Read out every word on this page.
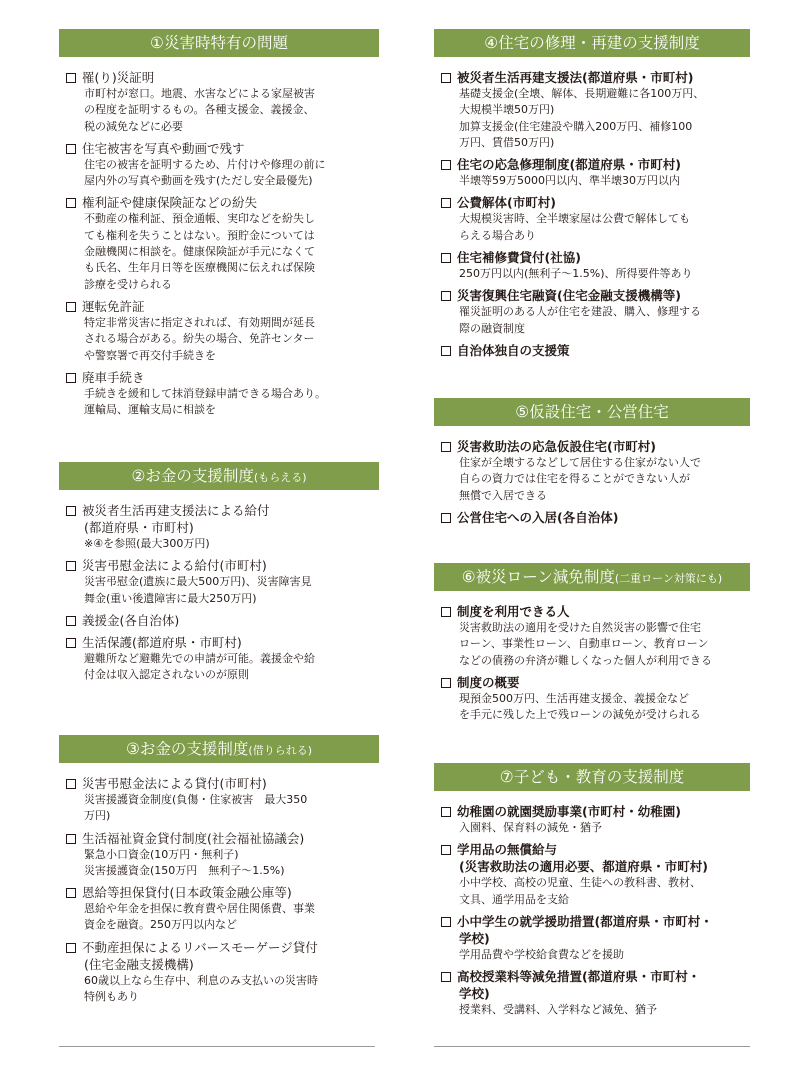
①災害時特有の問題
罹(り)災証明
市町村が窓口。地震、水害などによる家屋被害
の程度を証明するもの。各種支援金、義援金、
税の減免などに必要
住宅被害を写真や動画で残す
住宅の被害を証明するため、片付けや修理の前に
屋内外の写真や動画を残す(ただし安全最優先)
権利証や健康保険証などの紛失
不動産の権利証、預金通帳、実印などを紛失し
ても権利を失うことはない。預貯金については
金融機関に相談を。健康保険証が手元になくて
も氏名、生年月日等を医療機関に伝えれば保険
診療を受けられる
運転免許証
特定非常災害に指定されれば、有効期間が延長
される場合がある。紛失の場合、免許センター
や警察署で再交付手続きを
廃車手続き
手続きを緩和して抹消登録申請できる場合あり。
運輸局、運輸支局に相談を
②お金の支援制度(もらえる)
被災者生活再建支援法による給付
(都道府県・市町村)
※④を参照(最大300万円)
災害弔慰金法による給付(市町村)
災害弔慰金(遺族に最大500万円)、災害障害見
舞金(重い後遺障害に最大250万円)
義援金(各自治体)
生活保護(都道府県・市町村)
避難所など避難先での申請が可能。義援金や給
付金は収入認定されないのが原則
③お金の支援制度(借りられる)
災害弔慰金法による貸付(市町村)
災害援護資金制度(負傷・住家被害　最大350
万円)
生活福祉資金貸付制度(社会福祉協議会)
緊急小口資金(10万円・無利子)
災害援護資金(150万円　無利子〜1.5%)
恩給等担保貸付(日本政策金融公庫等)
恩給や年金を担保に教育費や居住関係費、事業
資金を融資。250万円以内など
不動産担保によるリバースモーゲージ貸付
(住宅金融支援機構)
60歳以上なら生存中、利息のみ支払いの災害時
特例もあり
④住宅の修理・再建の支援制度
被災者生活再建支援法(都道府県・市町村)
基礎支援金(全壊、解体、長期避難に各100万円、
大規模半壊50万円)
加算支援金(住宅建設や購入200万円、補修100
万円、賃借50万円)
住宅の応急修理制度(都道府県・市町村)
半壊等59万5000円以内、準半壊30万円以内
公費解体(市町村)
大規模災害時、全半壊家屋は公費で解体しても
らえる場合あり
住宅補修費貸付(社協)
250万円以内(無利子〜1.5%)、所得要件等あり
災害復興住宅融資(住宅金融支援機構等)
罹災証明のある人が住宅を建設、購入、修理する
際の融資制度
自治体独自の支援策
⑤仮設住宅・公営住宅
災害救助法の応急仮設住宅(市町村)
住家が全壊するなどして居住する住家がない人で
自らの資力では住宅を得ることができない人が
無償で入居できる
公営住宅への入居(各自治体)
⑥被災ローン減免制度(二重ローン対策にも)
制度を利用できる人
災害救助法の適用を受けた自然災害の影響で住宅
ローン、事業性ローン、自動車ローン、教育ローン
などの債務の弁済が難しくなった個人が利用できる
制度の概要
現預金500万円、生活再建支援金、義援金など
を手元に残した上で残ローンの減免が受けられる
⑦子ども・教育の支援制度
幼稚園の就園奨励事業(市町村・幼稚園)
入園料、保育料の減免・猶予
学用品の無償給与
(災害救助法の適用必要、都道府県・市町村)
小中学校、高校の児童、生徒への教科書、教材、
文具、通学用品を支給
小中学生の就学援助措置(都道府県・市町村・
学校)
学用品費や学校給食費などを援助
高校授業料等減免措置(都道府県・市町村・
学校)
授業料、受講料、入学料など減免、猶予
